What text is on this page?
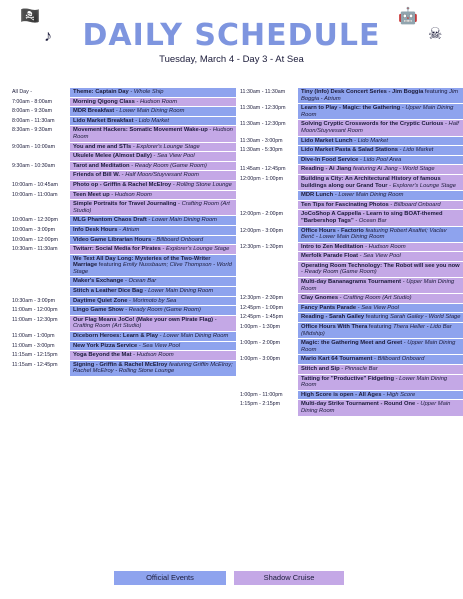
🏴‍☠️
♪
🤖
☠
DAILY SCHEDULE
Tuesday, March 4 - Day 3 - At Sea
All Day -	Theme: Captain Day - Whole Ship
7:00am - 8:00am	Morning Qigong Class - Hudson Room
8:00am - 9:30am	MDR Breakfast - Lower Main Dining Room
8:00am - 11:30am	Lido Market Breakfast - Lido Market
8:30am - 9:30am	Movement Hackers: Somatic Movement Wake-up - Hudson Room
9:00am - 10:00am	You and me and STIs - Explorer's Lounge Stage
Ukulele Melee (Almost Daily) - Sea View Pool
9:30am - 10:30am	Tarot and Meditation - Ready Room (Game Room)
Friends of Bill W. - Half Moon/Stuyvesant Room
10:00am - 10:45am	Photo op - Griffin & Rachel McElroy - Rolling Stone Lounge
10:00am - 11:00am	Teen Meet up - Hudson Room
Simple Portraits for Travel Journaling - Crafting Room (Art Studio)
10:00am - 12:30pm	MLG Phantom Chaos Draft - Lower Main Dining Room
10:00am - 3:00pm	Info Desk Hours - Atrium
10:00am - 12:00pm	Video Game Librarian Hours - Billboard Onboard
10:30am - 11:30am	Twitarr: Social Media for Pirates - Explorer's Lounge Stage
We Text All Day Long: Mysteries of the Two-Writer Marriage featuring Emily Nussbaum; Clive Thompson - World Stage
Maker's Exchange - Ocean Bar
Stitch a Leather Dice Bag - Lower Main Dining Room
10:30am - 3:00pm	Daytime Quiet Zone - Morimoto by Sea
11:00am - 12:00pm	Lingo Game Show - Ready Room (Game Room)
11:00am - 12:30pm	Our Flag Means JoCo! (Make your own Pirate Flag) - Crafting Room (Art Studio)
11:00am - 1:00pm	Diceborn Heroes: Learn & Play - Lower Main Dining Room
11:00am - 3:00pm	New York Pizza Service - Sea View Pool
11:15am - 12:15pm	Yoga Beyond the Mat - Hudson Room
11:15am - 12:45pm	Signing - Griffin & Rachel McElroy featuring Griffin McElroy; Rachel McElroy - Rolling Stone Lounge
11:30am - 11:30am	Tiny (Info) Desk Concert Series - Jim Boggia featuring Jim Boggia - Atrium
11:30am - 12:30pm	Learn to Play - Magic: the Gathering - Upper Main Dining Room
11:30am - 12:30pm	Solving Cryptic Crosswords for the Cryptic Curious - Half Moon/Stuyvesant Room
11:30am - 3:00pm	Lido Market Lunch - Lido Market
11:30am - 5:30pm	Lido Market Pasta & Salad Stations - Lido Market
Dive-In Food Service - Lido Pool Area
11:45am - 12:45pm	Reading - Ai Jiang featuring Ai Jiang - World Stage
12:00pm - 1:00pm	Building a City: An Architectural History of famous buildings along our Grand Tour - Explorer's Lounge Stage
MDR Lunch - Lower Main Dining Room
Ten Tips for Fascinating Photos - Billboard Onboard
12:00pm - 2:00pm	JoCoShop A Cappella - Learn to sing BOAT-themed "Barbershop Tags" - Ocean Bar
12:00pm - 3:00pm	Office Hours - Factorio featuring Robert Asaftei; Vaclav Benč - Lower Main Dining Room
12:30pm - 1:30pm	Intro to Zen Meditation - Hudson Room
Merfolk Parade Float - Sea View Pool
Operating Room Technology: The Robot will see you now - Ready Room (Game Room)
Multi-day Bananagrams Tournament - Upper Main Dining Room
12:30pm - 2:30pm	Clay Gnomes - Crafting Room (Art Studio)
12:45pm - 1:00pm	Fancy Pants Parade - Sea View Pool
12:45pm - 1:45pm	Reading - Sarah Gailey featuring Sarah Gailey - World Stage
1:00pm - 1:30pm	Office Hours With Thera featuring Thera Heller - Lido Bar (Midship)
1:00pm - 2:00pm	Magic: the Gathering Meet and Greet - Upper Main Dining Room
1:00pm - 3:00pm	Mario Kart 64 Tournament - Billboard Onboard
Stitch and Sip - Pinnacle Bar
Tatting for "Productive" Fidgeting - Lower Main Dining Room
1:00pm - 11:00pm	High Score is open - All Ages - High Score
1:15pm - 2:15pm	Multi-day Strike Tournament - Round One - Upper Main Dining Room
Official Events	Shadow Cruise
